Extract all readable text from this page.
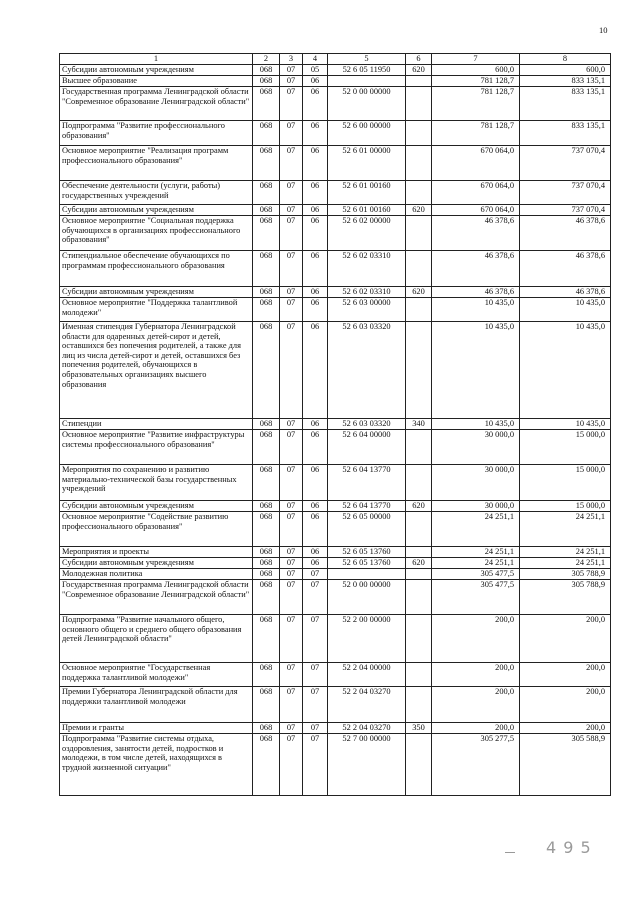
10
1	2	3	4	5	6	7	8
Субсидии автономным учреждениям	068	07	05	52 6 05 11950	620	600,0	600,0
Высшее образование	068	07	06			781 128,7	833 135,1
Государственная программа Ленинградской области "Современное образование Ленинградской области"	068	07	06	52 0 00 00000		781 128,7	833 135,1
Подпрограмма "Развитие профессионального образования"	068	07	06	52 6 00 00000		781 128,7	833 135,1
Основное мероприятие "Реализация программ профессионального образования"	068	07	06	52 6 01 00000		670 064,0	737 070,4
Обеспечение деятельности (услуги, работы) государственных учреждений	068	07	06	52 6 01 00160		670 064,0	737 070,4
Субсидии автономным учреждениям	068	07	06	52 6 01 00160	620	670 064,0	737 070,4
Основное мероприятие "Социальная поддержка обучающихся в организациях профессионального образования"	068	07	06	52 6 02 00000		46 378,6	46 378,6
Стипендиальное обеспечение обучающихся по программам профессионального образования	068	07	06	52 6 02 03310		46 378,6	46 378,6
Субсидии автономным учреждениям	068	07	06	52 6 02 03310	620	46 378,6	46 378,6
Основное мероприятие "Поддержка талантливой молодежи"	068	07	06	52 6 03 00000		10 435,0	10 435,0
Именная стипендия Губернатора Ленинградской области для одаренных детей-сирот и детей, оставшихся без попечения родителей, а также для лиц из числа детей-сирот и детей, оставшихся без попечения родителей, обучающихся в образовательных организациях высшего образования	068	07	06	52 6 03 03320		10 435,0	10 435,0
Стипендии	068	07	06	52 6 03 03320	340	10 435,0	10 435,0
Основное мероприятие "Развитие инфраструктуры системы профессионального образования"	068	07	06	52 6 04 00000		30 000,0	15 000,0
Мероприятия по сохранению и развитию материально-технической базы государственных учреждений	068	07	06	52 6 04 13770		30 000,0	15 000,0
Субсидии автономным учреждениям	068	07	06	52 6 04 13770	620	30 000,0	15 000,0
Основное мероприятие "Содействие развитию профессионального образования"	068	07	06	52 6 05 00000		24 251,1	24 251,1
Мероприятия и проекты	068	07	06	52 6 05 13760		24 251,1	24 251,1
Субсидии автономным учреждениям	068	07	06	52 6 05 13760	620	24 251,1	24 251,1
Молодежная политика	068	07	07			305 477,5	305 788,9
Государственная программа Ленинградской области "Современное образование Ленинградской области"	068	07	07	52 0 00 00000		305 477,5	305 788,9
Подпрограмма "Развитие начального общего, основного общего и среднего общего образования детей Ленинградской области"	068	07	07	52 2 00 00000		200,0	200,0
Основное мероприятие "Государственная поддержка талантливой молодежи"	068	07	07	52 2 04 00000		200,0	200,0
Премии Губернатора Ленинградской области для поддержки талантливой молодежи	068	07	07	52 2 04 03270		200,0	200,0
Премии и гранты	068	07	07	52 2 04 03270	350	200,0	200,0
Подпрограмма "Развитие системы отдыха, оздоровления, занятости детей, подростков и молодежи, в том числе детей, находящихся в трудной жизненной ситуации"	068	07	07	52 7 00 00000		305 277,5	305 588,9
4 9 5
